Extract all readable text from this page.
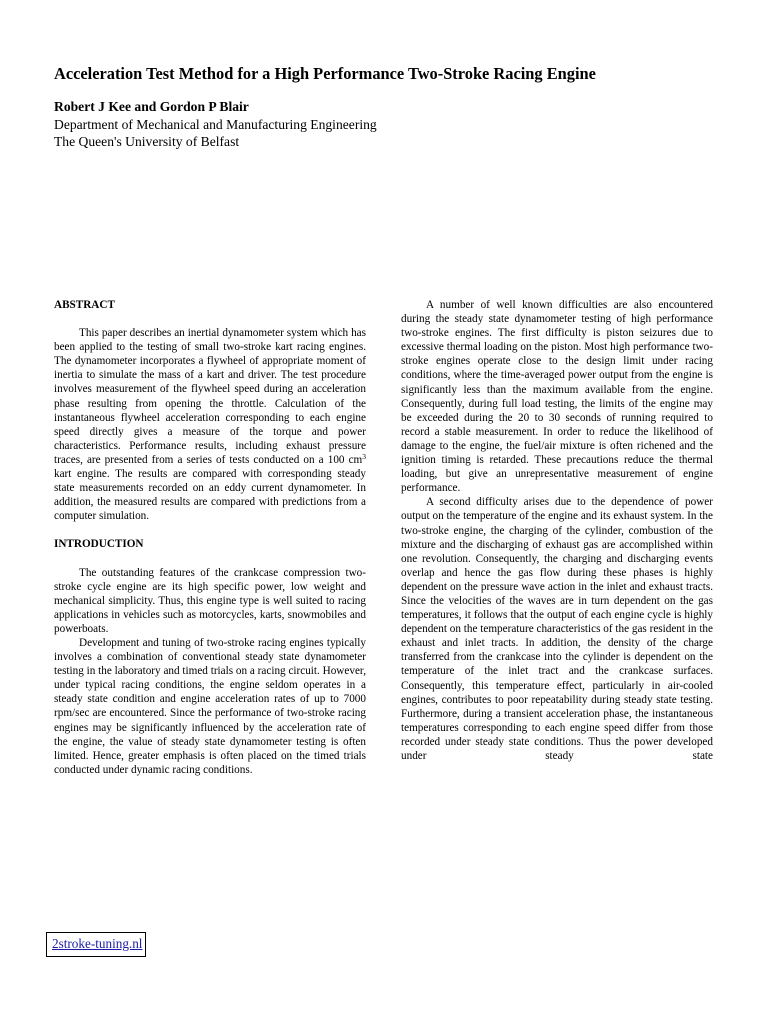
Acceleration Test Method for a High Performance Two-Stroke Racing Engine
Robert J Kee and Gordon P Blair
Department of Mechanical and Manufacturing Engineering
The Queen's University of Belfast
ABSTRACT

This paper describes an inertial dynamometer system which has been applied to the testing of small two-stroke kart racing engines. The dynamometer incorporates a flywheel of appropriate moment of inertia to simulate the mass of a kart and driver. The test procedure involves measurement of the flywheel speed during an acceleration phase resulting from opening the throttle. Calculation of the instantaneous flywheel acceleration corresponding to each engine speed directly gives a measure of the torque and power characteristics. Performance results, including exhaust pressure traces, are presented from a series of tests conducted on a 100 $cm^3$ kart engine. The results are compared with corresponding steady state measurements recorded on an eddy current dynamometer. In addition, the measured results are compared with predictions from a computer simulation.

INTRODUCTION

The outstanding features of the crankcase compression two-stroke cycle engine are its high specific power, low weight and mechanical simplicity. Thus, this engine type is well suited to racing applications in vehicles such as motorcycles, karts, snowmobiles and powerboats.

Development and tuning of two-stroke racing engines typically involves a combination of conventional steady state dynamometer testing in the laboratory and timed trials on a racing circuit. However, under typical racing conditions, the engine seldom operates in a steady state condition and engine acceleration rates of up to 7000 rpm/sec are encountered. Since the performance of two-stroke racing engines may be significantly influenced by the acceleration rate of the engine, the value of steady state dynamometer testing is often limited. Hence, greater emphasis is often placed on the timed trials conducted under dynamic racing conditions.

A number of well known difficulties are also encountered during the steady state dynamometer testing of high performance two-stroke engines. The first difficulty is piston seizures due to excessive thermal loading on the piston. Most high performance two-stroke engines operate close to the design limit under racing conditions, where the time-averaged power output from the engine is significantly less than the maximum available from the engine. Consequently, during full load testing, the limits of the engine may be exceeded during the 20 to 30 seconds of running required to record a stable measurement. In order to reduce the likelihood of damage to the engine, the fuel/air mixture is often richened and the ignition timing is retarded. These precautions reduce the thermal loading, but give an unrepresentative measurement of engine performance.

A second difficulty arises due to the dependence of power output on the temperature of the engine and its exhaust system. In the two-stroke engine, the charging of the cylinder, combustion of the mixture and the discharging of exhaust gas are accomplished within one revolution. Consequently, the charging and discharging events overlap and hence the gas flow during these phases is highly dependent on the pressure wave action in the inlet and exhaust tracts. Since the velocities of the waves are in turn dependent on the gas temperatures, it follows that the output of each engine cycle is highly dependent on the temperature characteristics of the gas resident in the exhaust and inlet tracts. In addition, the density of the charge transferred from the crankcase into the cylinder is dependent on the temperature of the inlet tract and the crankcase surfaces. Consequently, this temperature effect, particularly in air-cooled engines, contributes to poor repeatability during steady state testing. Furthermore, during a transient acceleration phase, the instantaneous temperatures corresponding to each engine speed differ from those recorded under steady state conditions. Thus the power developed under steady state

2stroke-tuning.nl
